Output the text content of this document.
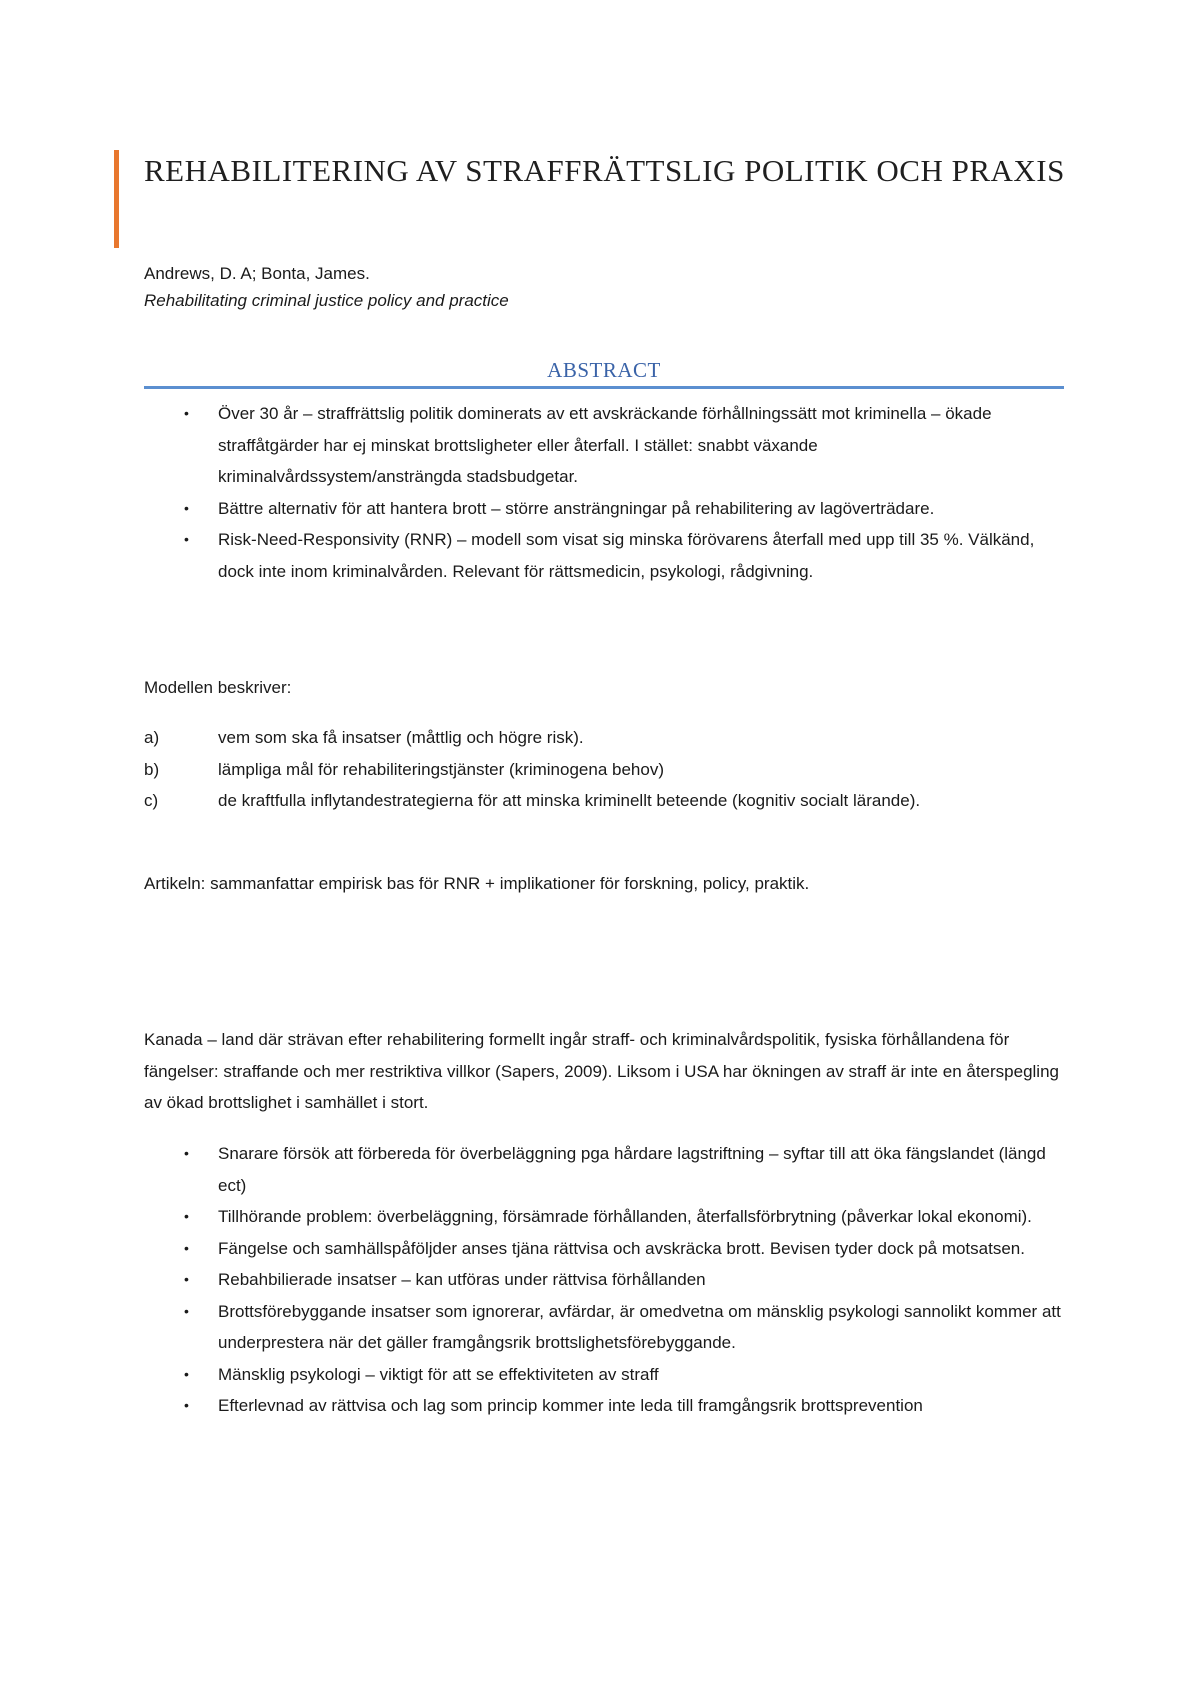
REHABILITERING AV STRAFFRÄTTSLIG POLITIK OCH PRAXIS
Andrews, D. A; Bonta, James.
Rehabilitating criminal justice policy and practice
ABSTRACT
• Över 30 år – straffrättslig politik dominerats av ett avskräckande förhållningssätt mot kriminella – ökade straffåtgärder har ej minskat brottsligheter eller återfall. I stället: snabbt växande kriminalvårdssystem/ansträngda stadsbudgetar.
• Bättre alternativ för att hantera brott – större ansträngningar på rehabilitering av lagöverträdare.
• Risk-Need-Responsivity (RNR) – modell som visat sig minska förövarens återfall med upp till 35 %. Välkänd, dock inte inom kriminalvården. Relevant för rättsmedicin, psykologi, rådgivning.
Modellen beskriver:
a)	vem som ska få insatser (måttlig och högre risk).
b)	lämpliga mål för rehabiliteringstjänster (kriminogena behov)
c)	de kraftfulla inflytandestrategierna för att minska kriminellt beteende (kognitiv socialt lärande).
Artikeln: sammanfattar empirisk bas för RNR + implikationer för forskning, policy, praktik.
Kanada – land där strävan efter rehabilitering formellt ingår straff- och kriminalvårdspolitik, fysiska förhållandena för fängelser: straffande och mer restriktiva villkor (Sapers, 2009). Liksom i USA har ökningen av straff är inte en återspegling av ökad brottslighet i samhället i stort.
• Snarare försök att förbereda för överbeläggning pga hårdare lagstriftning – syftar till att öka fängslandet (längd ect)
• Tillhörande problem: överbeläggning, försämrade förhållanden, återfallsförbrytning (påverkar lokal ekonomi).
• Fängelse och samhällspåföljder anses tjäna rättvisa och avskräcka brott. Bevisen tyder dock på motsatsen.
• Rebahbilierade insatser – kan utföras under rättvisa förhållanden
• Brottsförebyggande insatser som ignorerar, avfärdar, är omedvetna om mänsklig psykologi sannolikt kommer att underprestera när det gäller framgångsrik brottslighetsförebyggande.
• Mänsklig psykologi – viktigt för att se effektiviteten av straff
• Efterlevnad av rättvisa och lag som princip kommer inte leda till framgångsrik brottsprevention
